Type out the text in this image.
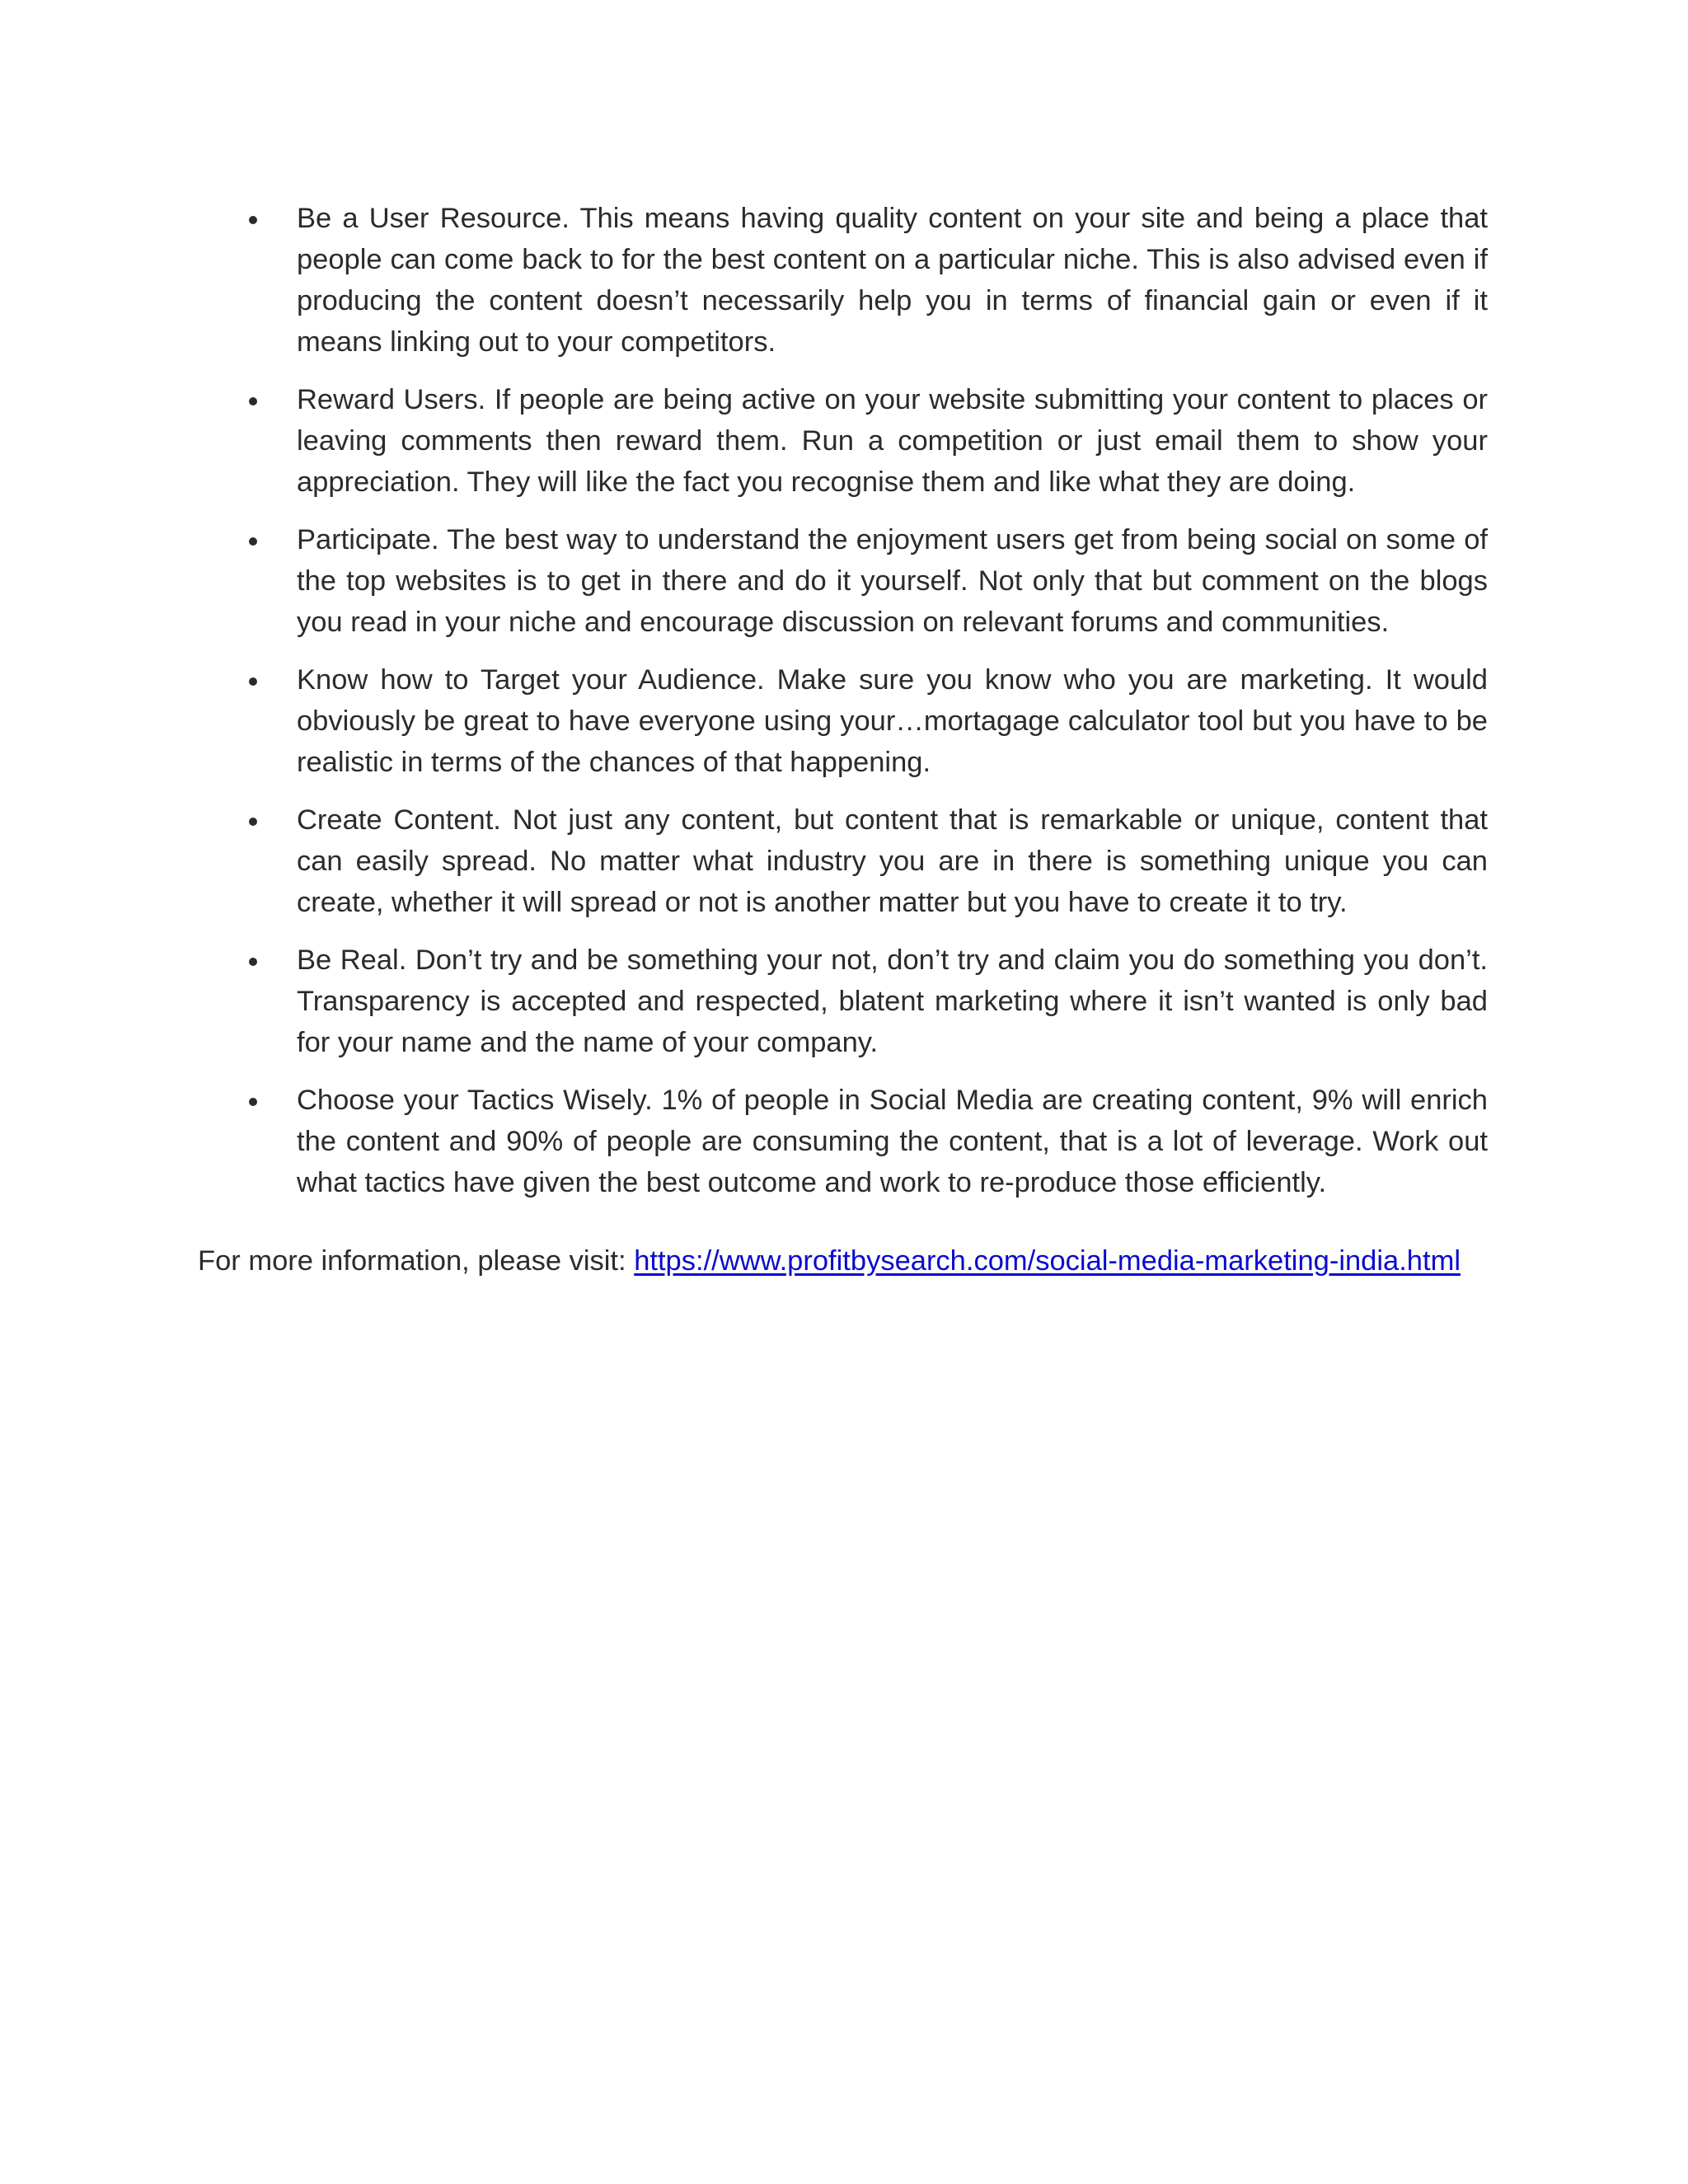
Be a User Resource. This means having quality content on your site and being a place that people can come back to for the best content on a particular niche. This is also advised even if producing the content doesn’t necessarily help you in terms of financial gain or even if it means linking out to your competitors.
Reward Users. If people are being active on your website submitting your content to places or leaving comments then reward them. Run a competition or just email them to show your appreciation. They will like the fact you recognise them and like what they are doing.
Participate. The best way to understand the enjoyment users get from being social on some of the top websites is to get in there and do it yourself. Not only that but comment on the blogs you read in your niche and encourage discussion on relevant forums and communities.
Know how to Target your Audience. Make sure you know who you are marketing. It would obviously be great to have everyone using your…mortagage calculator tool but you have to be realistic in terms of the chances of that happening.
Create Content. Not just any content, but content that is remarkable or unique, content that can easily spread. No matter what industry you are in there is something unique you can create, whether it will spread or not is another matter but you have to create it to try.
Be Real. Don’t try and be something your not, don’t try and claim you do something you don’t. Transparency is accepted and respected, blatent marketing where it isn’t wanted is only bad for your name and the name of your company.
Choose your Tactics Wisely. 1% of people in Social Media are creating content, 9% will enrich the content and 90% of people are consuming the content, that is a lot of leverage. Work out what tactics have given the best outcome and work to re-produce those efficiently.

For more information, please visit: https://www.profitbysearch.com/social-media-marketing-india.html
